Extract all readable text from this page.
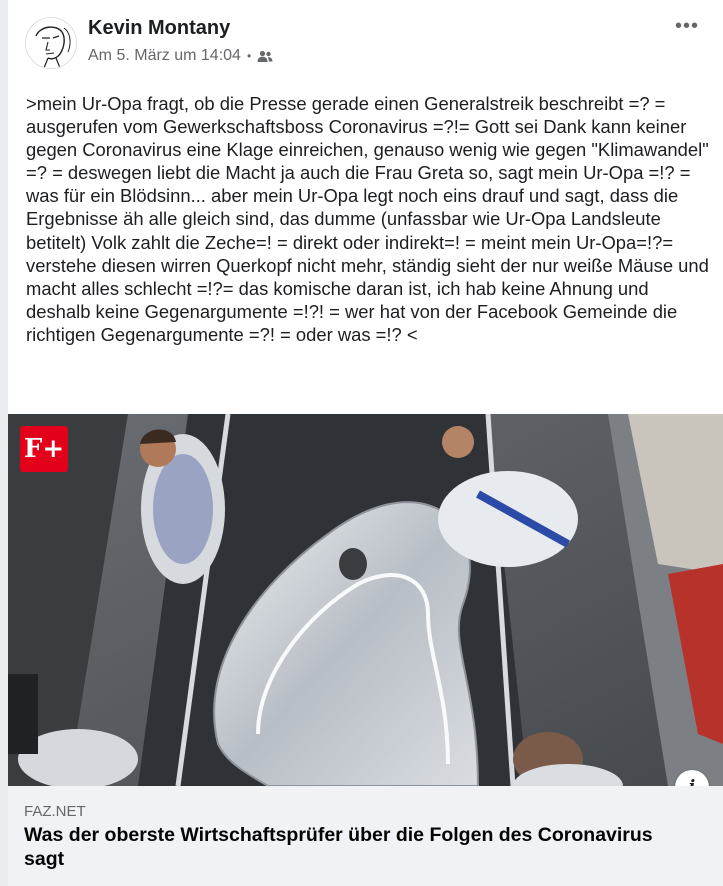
Kevin Montany
Am 5. März um 14:04 •
•••
>mein Ur-Opa fragt, ob die Presse gerade einen Generalstreik beschreibt =? = ausgerufen vom Gewerkschaftsboss Coronavirus =?!= Gott sei Dank kann keiner gegen Coronavirus eine Klage einreichen, genauso wenig wie gegen "Klimawandel" =? = deswegen liebt die Macht ja auch die Frau Greta so, sagt mein Ur-Opa =!? = was für ein Blödsinn... aber mein Ur-Opa legt noch eins drauf und sagt, dass die Ergebnisse äh alle gleich sind, das dumme (unfassbar wie Ur-Opa Landsleute betitelt) Volk zahlt die Zeche=! = direkt oder indirekt=! = meint mein Ur-Opa=!?= verstehe diesen wirren Querkopf nicht mehr, ständig sieht der nur weiße Mäuse und macht alles schlecht =!?= das komische daran ist, ich hab keine Ahnung und deshalb keine Gegenargumente =!?! = wer hat von der Facebook Gemeinde die richtigen Gegenargumente =?! = oder was =!? <
F+
FAZ.NET
Was der oberste Wirtschaftsprüfer über die Folgen des Coronavirus sagt
